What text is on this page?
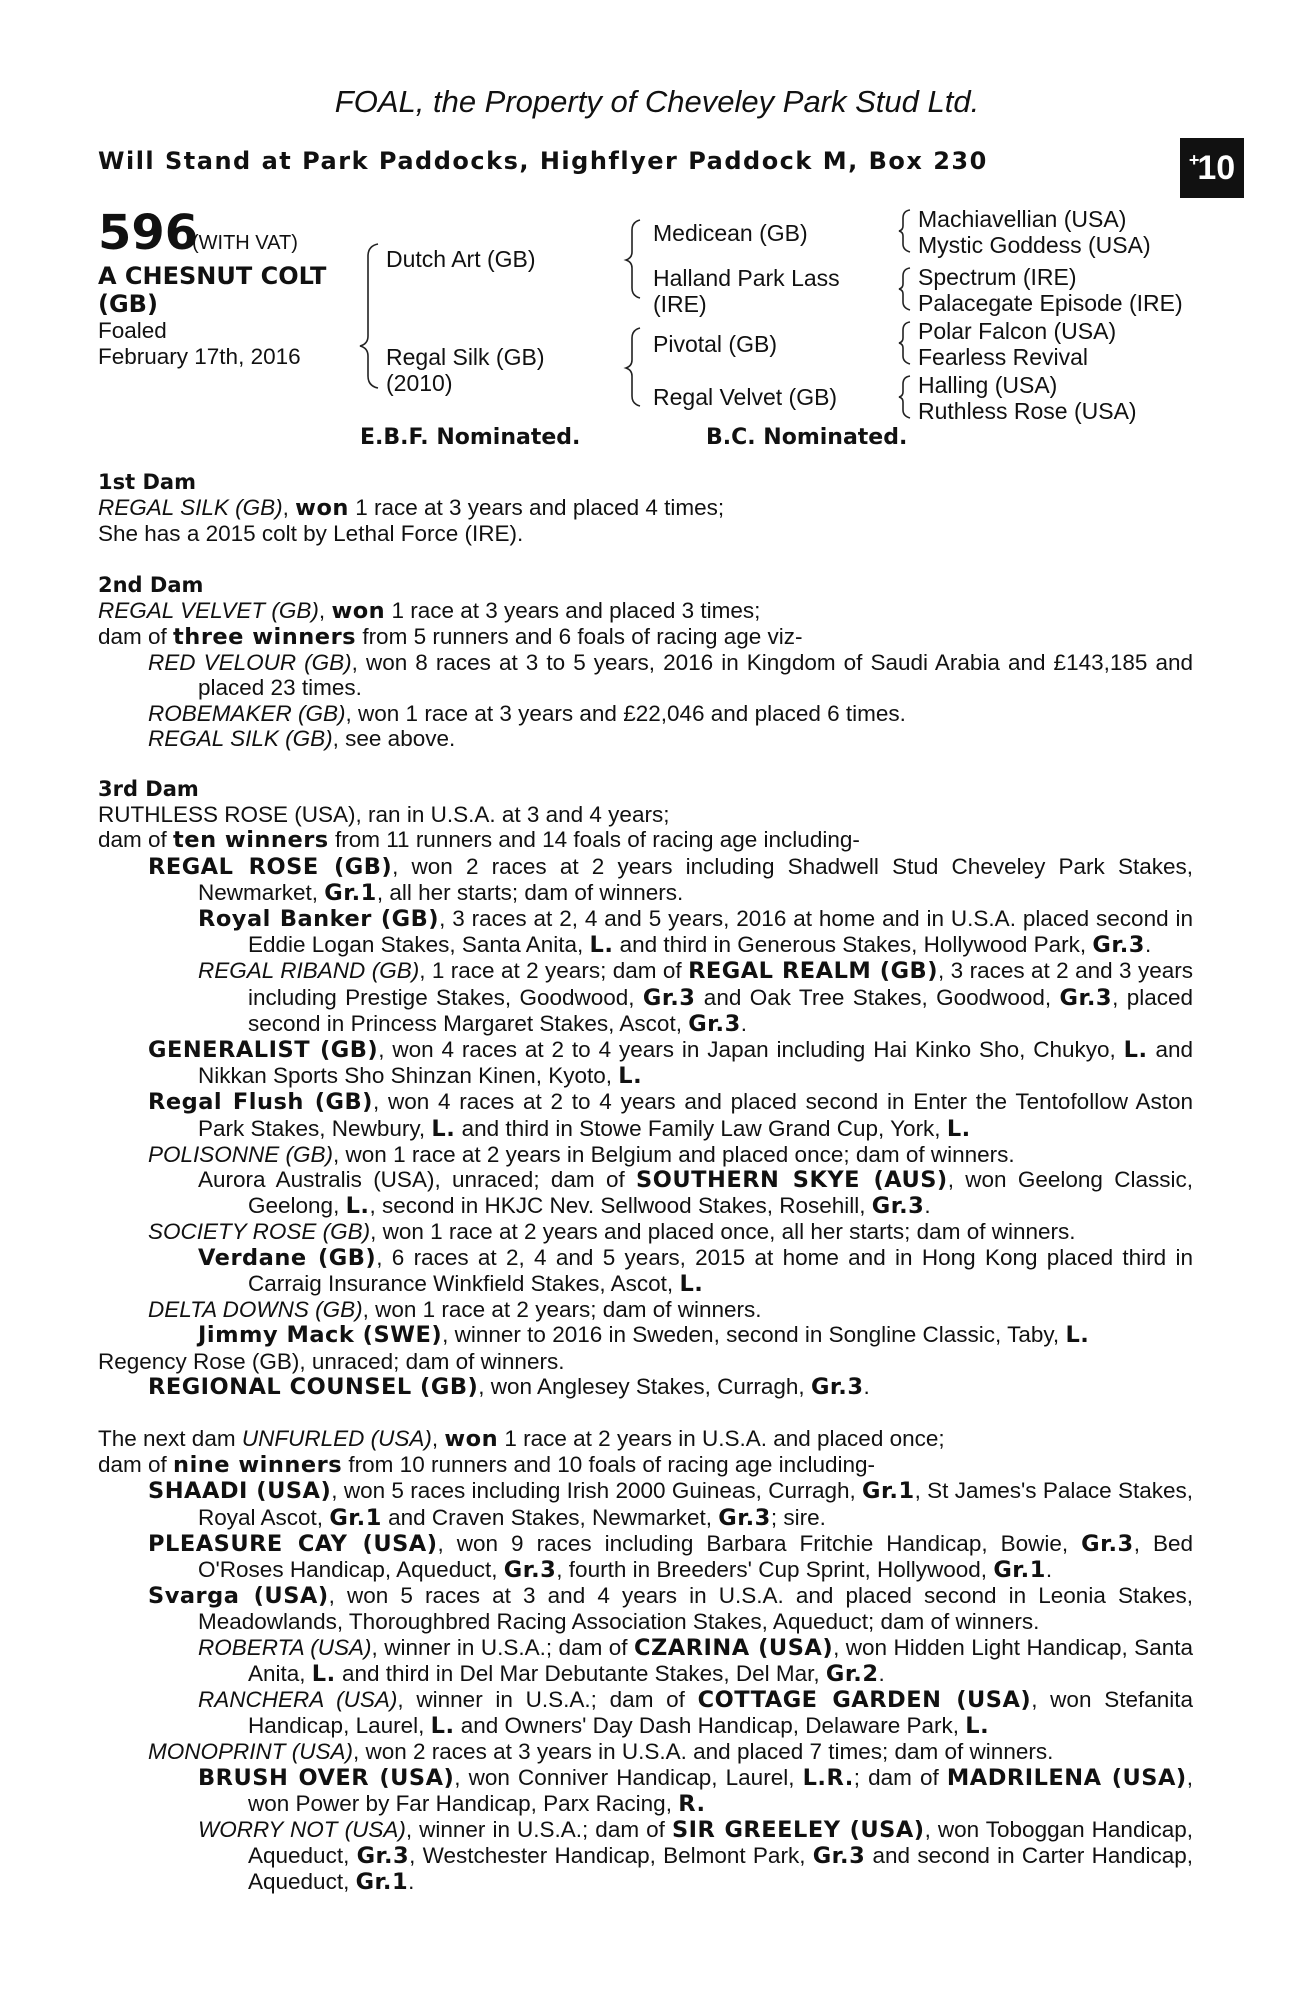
FOAL, the Property of Cheveley Park Stud Ltd.
Will Stand at Park Paddocks, Highflyer Paddock M, Box 230	+
10
596
(WITH VAT)
A CHESNUT COLT
(GB)
Foaled
February 17th, 2016
Dutch Art (GB)
Regal Silk (GB)
(2010)
Medicean (GB)
Halland Park Lass
(IRE)
Pivotal (GB)
Regal Velvet (GB)
Machiavellian (USA)
Mystic Goddess (USA)
Spectrum (IRE)
Palacegate Episode (IRE)
Polar Falcon (USA)
Fearless Revival
Halling (USA)
Ruthless Rose (USA)
E.B.F. Nominated.	B.C. Nominated.

1st Dam

REGAL SILK (GB), won 1 race at 3 years and placed 4 times;

She has a 2015 colt by Lethal Force (IRE).

2nd Dam

REGAL VELVET (GB), won 1 race at 3 years and placed 3 times;

dam of three winners from 5 runners and 6 foals of racing age viz-

RED VELOUR (GB), won 8 races at 3 to 5 years, 2016 in Kingdom of Saudi Arabia and £143,185 and placed 23 times.

ROBEMAKER (GB), won 1 race at 3 years and £22,046 and placed 6 times.

REGAL SILK (GB), see above.

3rd Dam

RUTHLESS ROSE (USA), ran in U.S.A. at 3 and 4 years;

dam of ten winners from 11 runners and 14 foals of racing age including-

REGAL ROSE (GB), won 2 races at 2 years including Shadwell Stud Cheveley Park Stakes, Newmarket, Gr.1, all her starts; dam of winners.

Royal Banker (GB), 3 races at 2, 4 and 5 years, 2016 at home and in U.S.A. placed second in Eddie Logan Stakes, Santa Anita, L. and third in Generous Stakes, Hollywood Park, Gr.3.

REGAL RIBAND (GB), 1 race at 2 years; dam of REGAL REALM (GB), 3 races at 2 and 3 years including Prestige Stakes, Goodwood, Gr.3 and Oak Tree Stakes, Goodwood, Gr.3, placed second in Princess Margaret Stakes, Ascot, Gr.3.

GENERALIST (GB), won 4 races at 2 to 4 years in Japan including Hai Kinko Sho, Chukyo, L. and Nikkan Sports Sho Shinzan Kinen, Kyoto, L.

Regal Flush (GB), won 4 races at 2 to 4 years and placed second in Enter the Tentofollow Aston Park Stakes, Newbury, L. and third in Stowe Family Law Grand Cup, York, L.

POLISONNE (GB), won 1 race at 2 years in Belgium and placed once; dam of winners.

Aurora Australis (USA), unraced; dam of SOUTHERN SKYE (AUS), won Geelong Classic, Geelong, L., second in HKJC Nev. Sellwood Stakes, Rosehill, Gr.3.

SOCIETY ROSE (GB), won 1 race at 2 years and placed once, all her starts; dam of winners.

Verdane (GB), 6 races at 2, 4 and 5 years, 2015 at home and in Hong Kong placed third in Carraig Insurance Winkfield Stakes, Ascot, L.

DELTA DOWNS (GB), won 1 race at 2 years; dam of winners.

Jimmy Mack (SWE), winner to 2016 in Sweden, second in Songline Classic, Taby, L.

Regency Rose (GB), unraced; dam of winners.

REGIONAL COUNSEL (GB), won Anglesey Stakes, Curragh, Gr.3.

The next dam UNFURLED (USA), won 1 race at 2 years in U.S.A. and placed once;

dam of nine winners from 10 runners and 10 foals of racing age including-

SHAADI (USA), won 5 races including Irish 2000 Guineas, Curragh, Gr.1, St James's Palace Stakes, Royal Ascot, Gr.1 and Craven Stakes, Newmarket, Gr.3; sire.

PLEASURE CAY (USA), won 9 races including Barbara Fritchie Handicap, Bowie, Gr.3, Bed O'Roses Handicap, Aqueduct, Gr.3, fourth in Breeders' Cup Sprint, Hollywood, Gr.1.

Svarga (USA), won 5 races at 3 and 4 years in U.S.A. and placed second in Leonia Stakes, Meadowlands, Thoroughbred Racing Association Stakes, Aqueduct; dam of winners.

ROBERTA (USA), winner in U.S.A.; dam of CZARINA (USA), won Hidden Light Handicap, Santa Anita, L. and third in Del Mar Debutante Stakes, Del Mar, Gr.2.

RANCHERA (USA), winner in U.S.A.; dam of COTTAGE GARDEN (USA), won Stefanita Handicap, Laurel, L. and Owners' Day Dash Handicap, Delaware Park, L.

MONOPRINT (USA), won 2 races at 3 years in U.S.A. and placed 7 times; dam of winners.

BRUSH OVER (USA), won Conniver Handicap, Laurel, L.R.; dam of MADRILENA (USA), won Power by Far Handicap, Parx Racing, R.

WORRY NOT (USA), winner in U.S.A.; dam of SIR GREELEY (USA), won Toboggan Handicap, Aqueduct, Gr.3, Westchester Handicap, Belmont Park, Gr.3 and second in Carter Handicap, Aqueduct, Gr.1.
